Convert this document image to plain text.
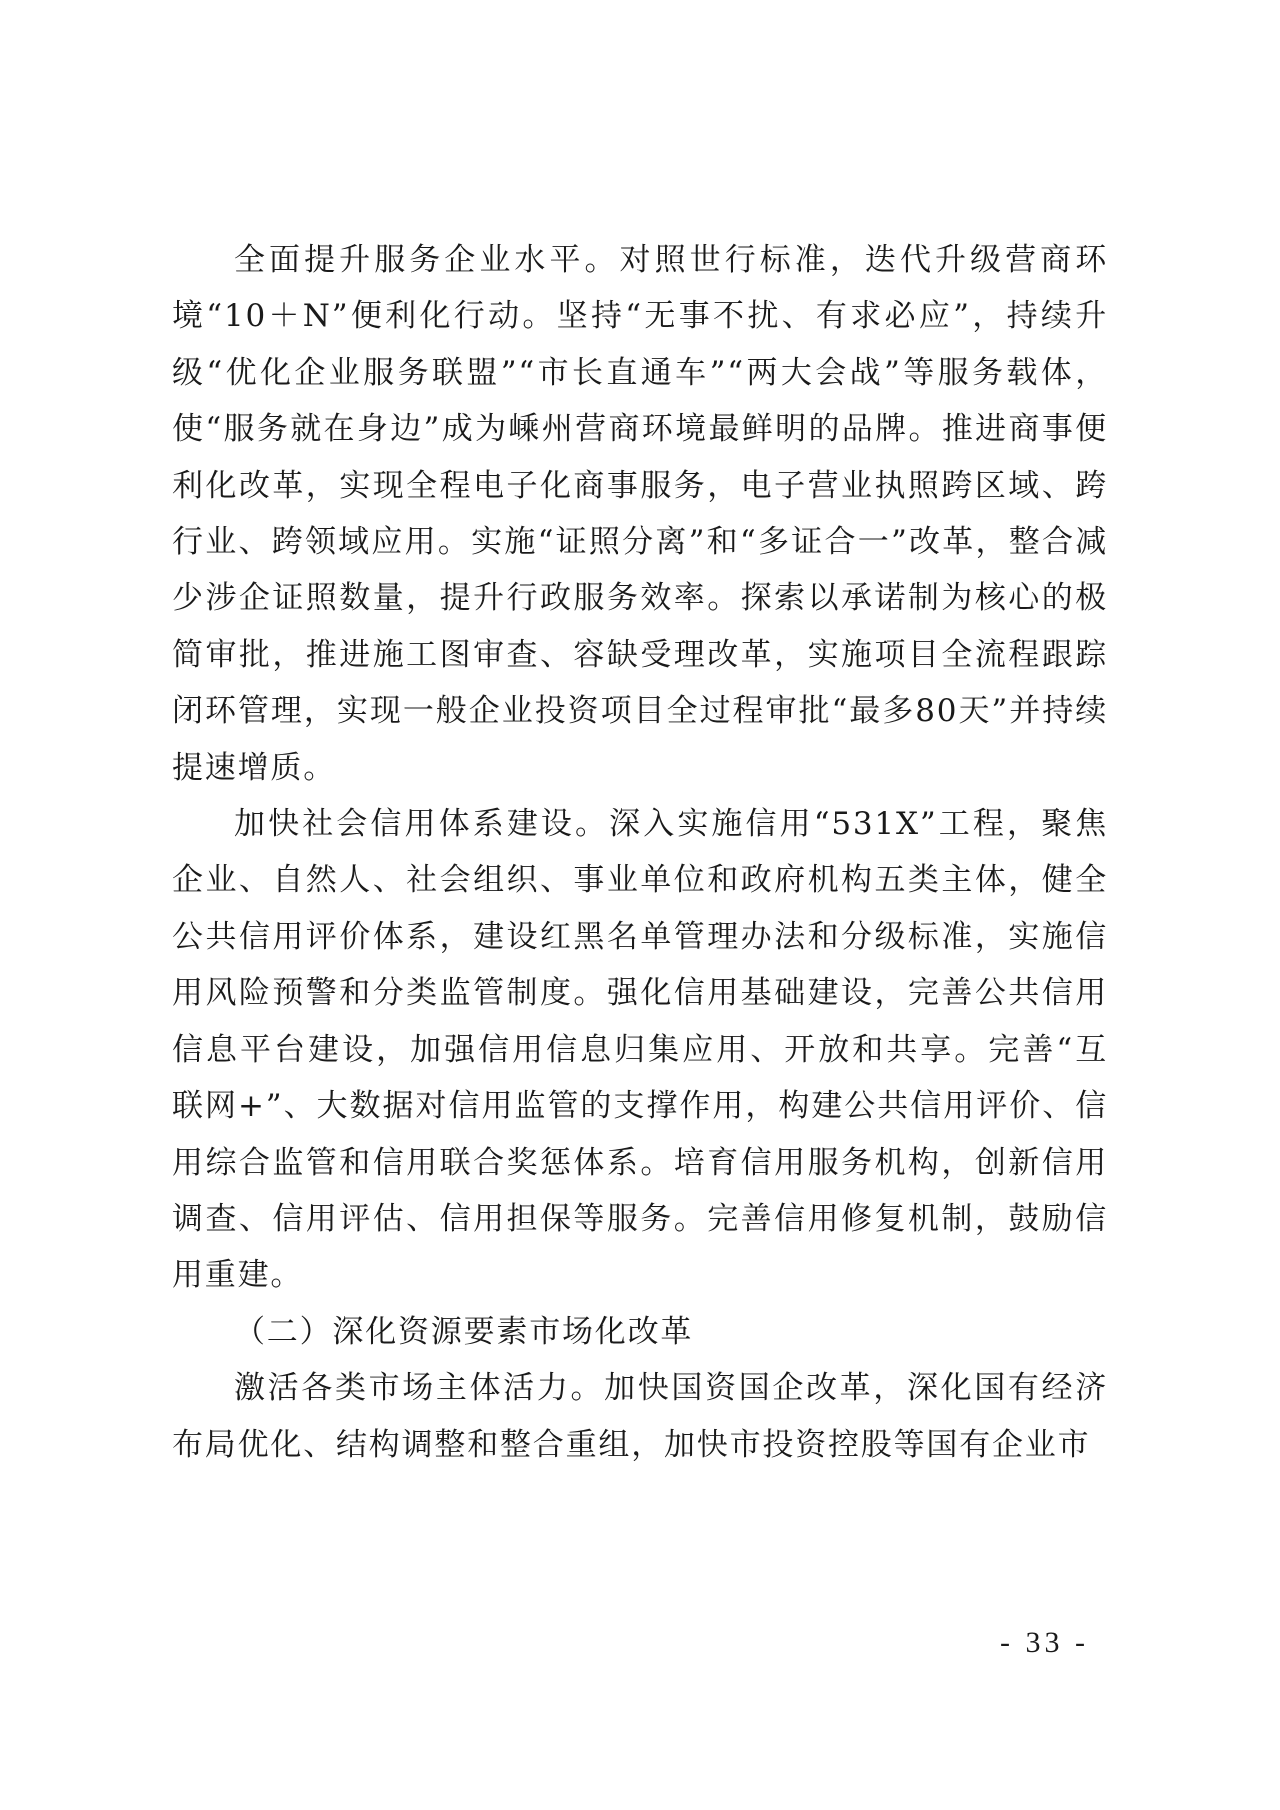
全面提升服务企业水平。对照世行标准，迭代升级营商环境“10＋N”便利化行动。坚持“无事不扰、有求必应”，持续升级“优化企业服务联盟”“市长直通车”“两大会战”等服务载体，使“服务就在身边”成为嵊州营商环境最鲜明的品牌。推进商事便利化改革，实现全程电子化商事服务，电子营业执照跨区域、跨行业、跨领域应用。实施“证照分离”和“多证合一”改革，整合减少涉企证照数量，提升行政服务效率。探索以承诺制为核心的极简审批，推进施工图审查、容缺受理改革，实施项目全流程跟踪闭环管理，实现一般企业投资项目全过程审批“最多80天”并持续提速增质。

加快社会信用体系建设。深入实施信用“531X”工程，聚焦企业、自然人、社会组织、事业单位和政府机构五类主体，健全公共信用评价体系，建设红黑名单管理办法和分级标准，实施信用风险预警和分类监管制度。强化信用基础建设，完善公共信用信息平台建设，加强信用信息归集应用、开放和共享。完善“互联网+”、大数据对信用监管的支撑作用，构建公共信用评价、信用综合监管和信用联合奖惩体系。培育信用服务机构，创新信用调查、信用评估、信用担保等服务。完善信用修复机制，鼓励信用重建。

（二）深化资源要素市场化改革

激活各类市场主体活力。加快国资国企改革，深化国有经济布局优化、结构调整和整合重组，加快市投资控股等国有企业市

- 33 -
